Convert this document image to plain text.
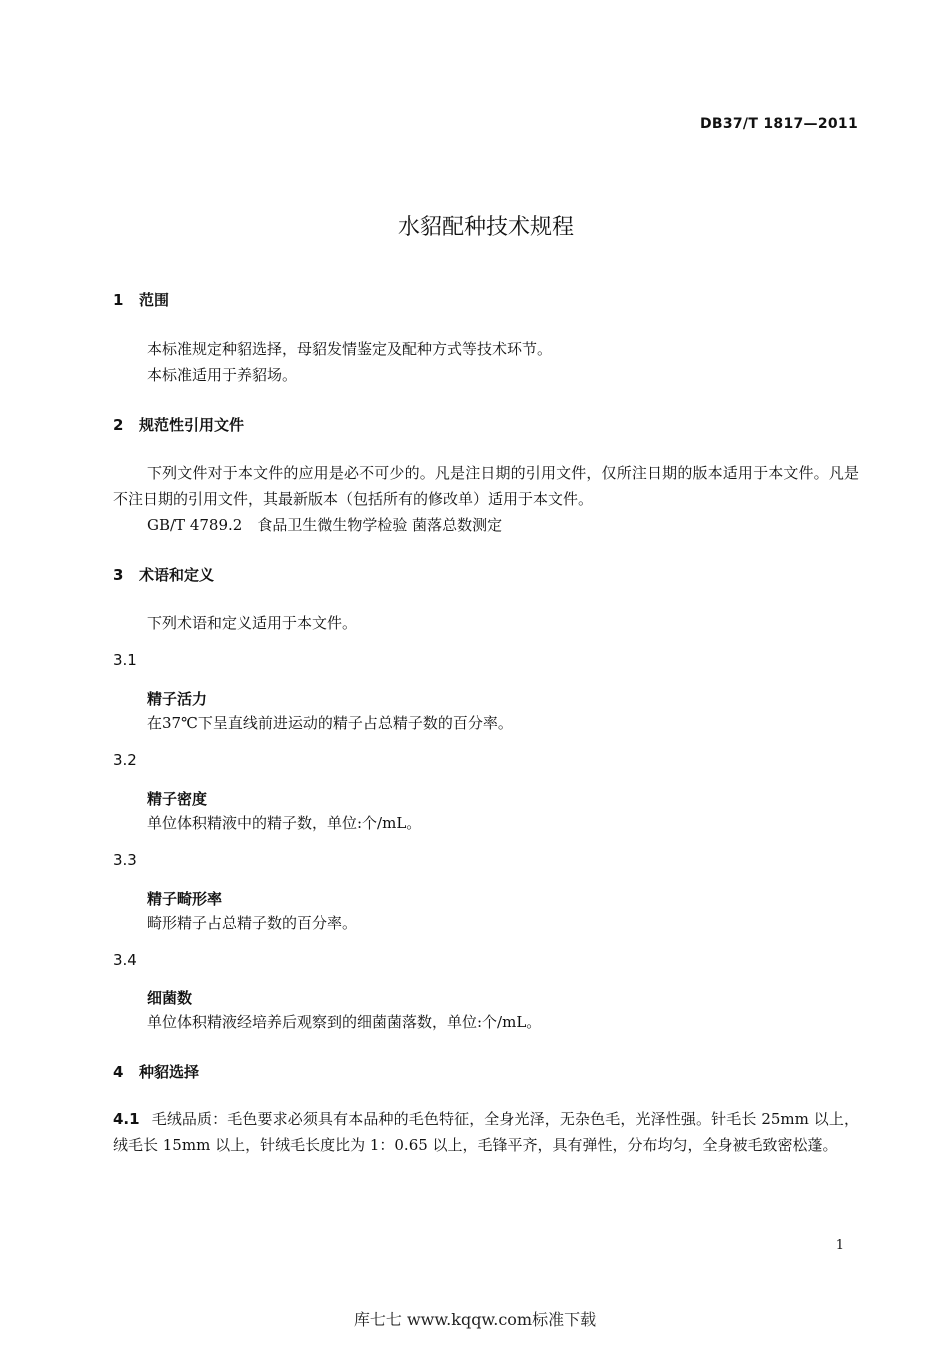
DB37/T 1817—2011
水貂配种技术规程
1 范围
本标准规定种貂选择，母貂发情鉴定及配种方式等技术环节。
本标准适用于养貂场。
2 规范性引用文件
下列文件对于本文件的应用是必不可少的。凡是注日期的引用文件，仅所注日期的版本适用于本文件。凡是不注日期的引用文件，其最新版本（包括所有的修改单）适用于本文件。
GB/T 4789.2　食品卫生微生物学检验 菌落总数测定
3 术语和定义
下列术语和定义适用于本文件。
3.1
精子活力
在37℃下呈直线前进运动的精子占总精子数的百分率。
3.2
精子密度
单位体积精液中的精子数，单位:个/mL。
3.3
精子畸形率
畸形精子占总精子数的百分率。
3.4
细菌数
单位体积精液经培养后观察到的细菌菌落数，单位:个/mL。
4 种貂选择
4.1 毛绒品质：毛色要求必须具有本品种的毛色特征，全身光泽，无杂色毛，光泽性强。针毛长 25mm 以上，绒毛长 15mm 以上，针绒毛长度比为 1：0.65 以上，毛锋平齐，具有弹性，分布均匀，全身被毛致密松蓬。
1
库七七 www.kqqw.com标准下载
